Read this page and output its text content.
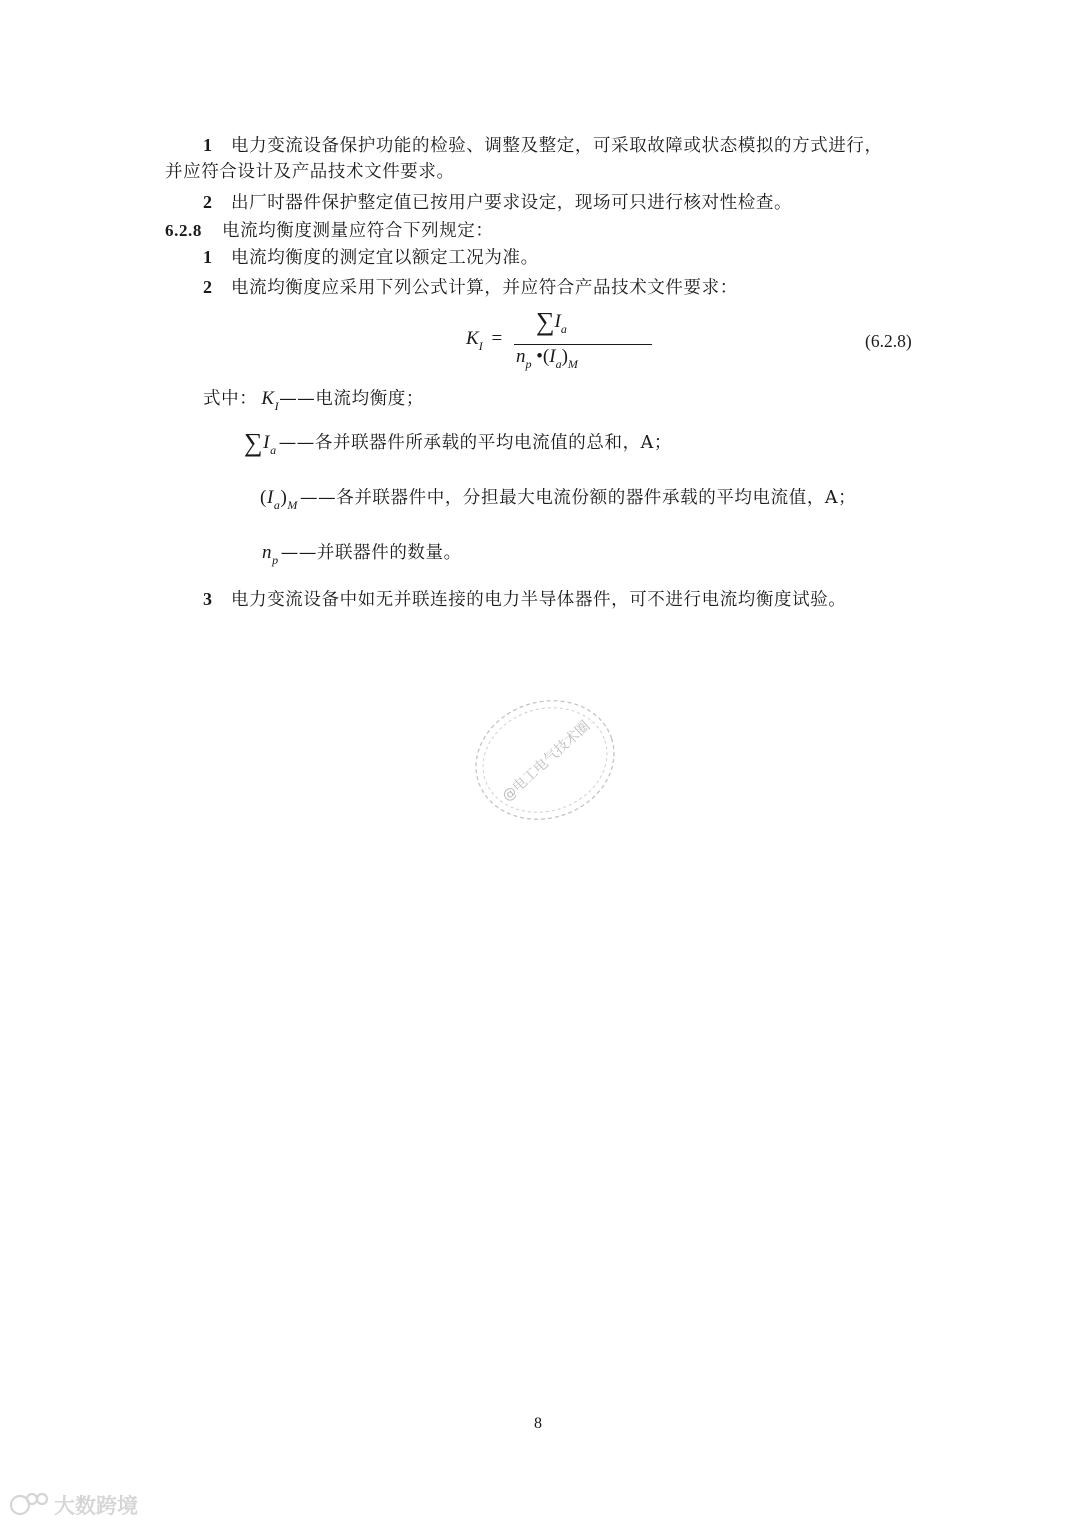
1 电力变流设备保护功能的检验、调整及整定，可采取故障或状态模拟的方式进行，
并应符合设计及产品技术文件要求。
2 出厂时器件保护整定值已按用户要求设定，现场可只进行核对性检查。
6.2.8 电流均衡度测量应符合下列规定：
1 电流均衡度的测定宜以额定工况为准。
2 电流均衡度应采用下列公式计算，并应符合产品技术文件要求：
$K_I$ =
$\sum I_a$
$n_p$ $•(I_a)_M$
(6.2.8)
式中： $K_I——$电流均衡度；
$\sum I_a$ ——各并联器件所承载的平均电流值的总和，A；
$(I_a)_M$ ——各并联器件中，分担最大电流份额的器件承载的平均电流值，A；
$n_p$ ——并联器件的数量。
3 电力变流设备中如无并联连接的电力半导体器件，可不进行电流均衡度试验。
@电工电气技术圈
8
大数跨境
